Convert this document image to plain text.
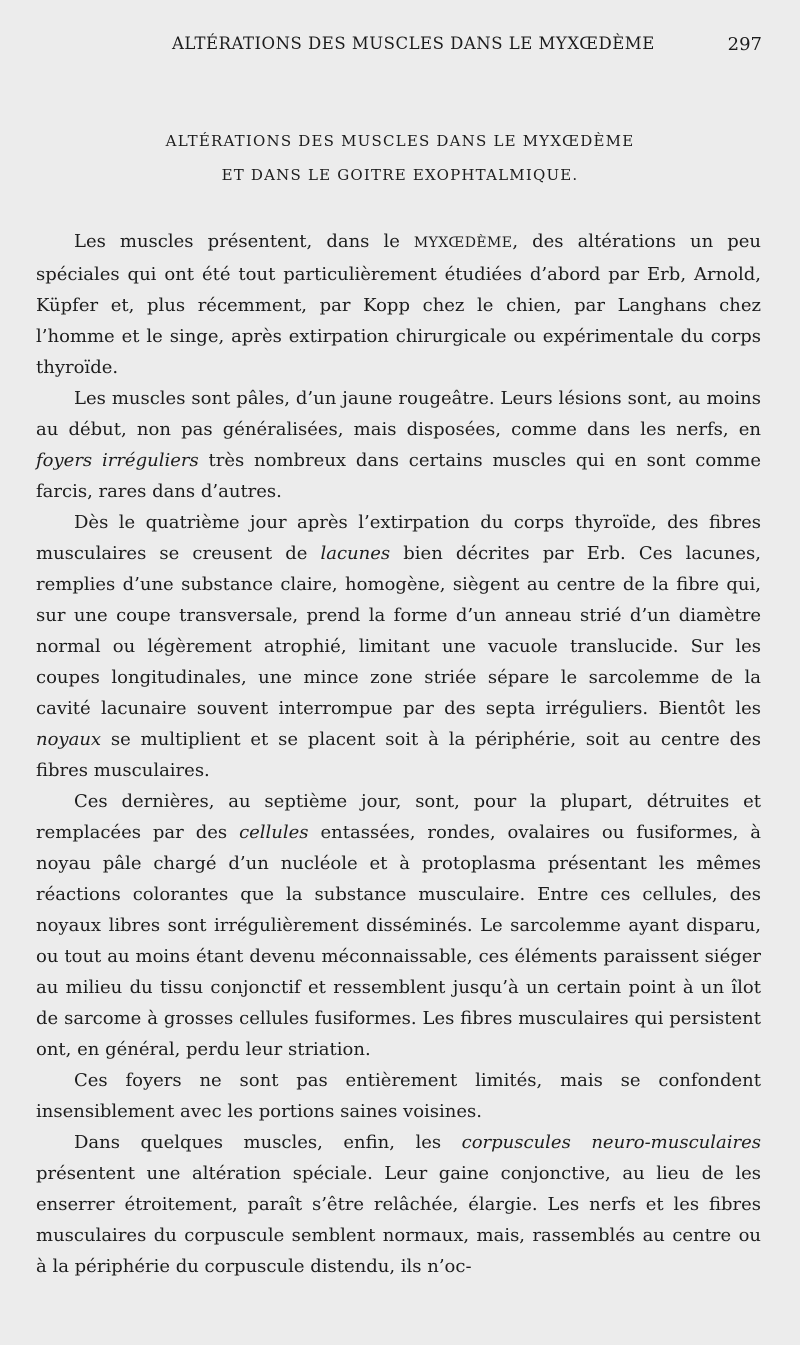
ALTÉRATIONS DES MUSCLES DANS LE MYXŒDÈME	297
ALTÉRATIONS DES MUSCLES DANS LE MYXŒDÈME
ET DANS LE GOITRE EXOPHTALMIQUE.

Les muscles présentent, dans le MYXŒDÈME, des altérations un peu spéciales qui ont été tout particulièrement étudiées d’abord par Erb, Arnold, Küpfer et, plus récemment, par Kopp chez le chien, par Langhans chez l’homme et le singe, après extirpation chirurgicale ou expérimentale du corps thyroïde.

Les muscles sont pâles, d’un jaune rougeâtre. Leurs lésions sont, au moins au début, non pas généralisées, mais disposées, comme dans les nerfs, en foyers irréguliers très nombreux dans certains muscles qui en sont comme farcis, rares dans d’autres.

Dès le quatrième jour après l’extirpation du corps thyroïde, des fibres musculaires se creusent de lacunes bien décrites par Erb. Ces lacunes, remplies d’une substance claire, homogène, siègent au centre de la fibre qui, sur une coupe transversale, prend la forme d’un anneau strié d’un diamètre normal ou légèrement atrophié, limitant une vacuole translucide. Sur les coupes longitudinales, une mince zone striée sépare le sarcolemme de la cavité lacunaire souvent interrompue par des septa irréguliers. Bientôt les noyaux se multiplient et se placent soit à la périphérie, soit au centre des fibres musculaires.

Ces dernières, au septième jour, sont, pour la plupart, détruites et remplacées par des cellules entassées, rondes, ovalaires ou fusiformes, à noyau pâle chargé d’un nucléole et à protoplasma présentant les mêmes réactions colorantes que la substance musculaire. Entre ces cellules, des noyaux libres sont irrégulièrement disséminés. Le sarcolemme ayant disparu, ou tout au moins étant devenu méconnaissable, ces éléments paraissent siéger au milieu du tissu conjonctif et ressemblent jusqu’à un certain point à un îlot de sarcome à grosses cellules fusiformes. Les fibres musculaires qui persistent ont, en général, perdu leur striation.

Ces foyers ne sont pas entièrement limités, mais se confondent insensiblement avec les portions saines voisines.

Dans quelques muscles, enfin, les corpuscules neuro-musculaires présentent une altération spéciale. Leur gaine conjonctive, au lieu de les enserrer étroitement, paraît s’être relâchée, élargie. Les nerfs et les fibres musculaires du corpuscule semblent normaux, mais, rassemblés au centre ou à la périphérie du corpuscule distendu, ils n’oc-
